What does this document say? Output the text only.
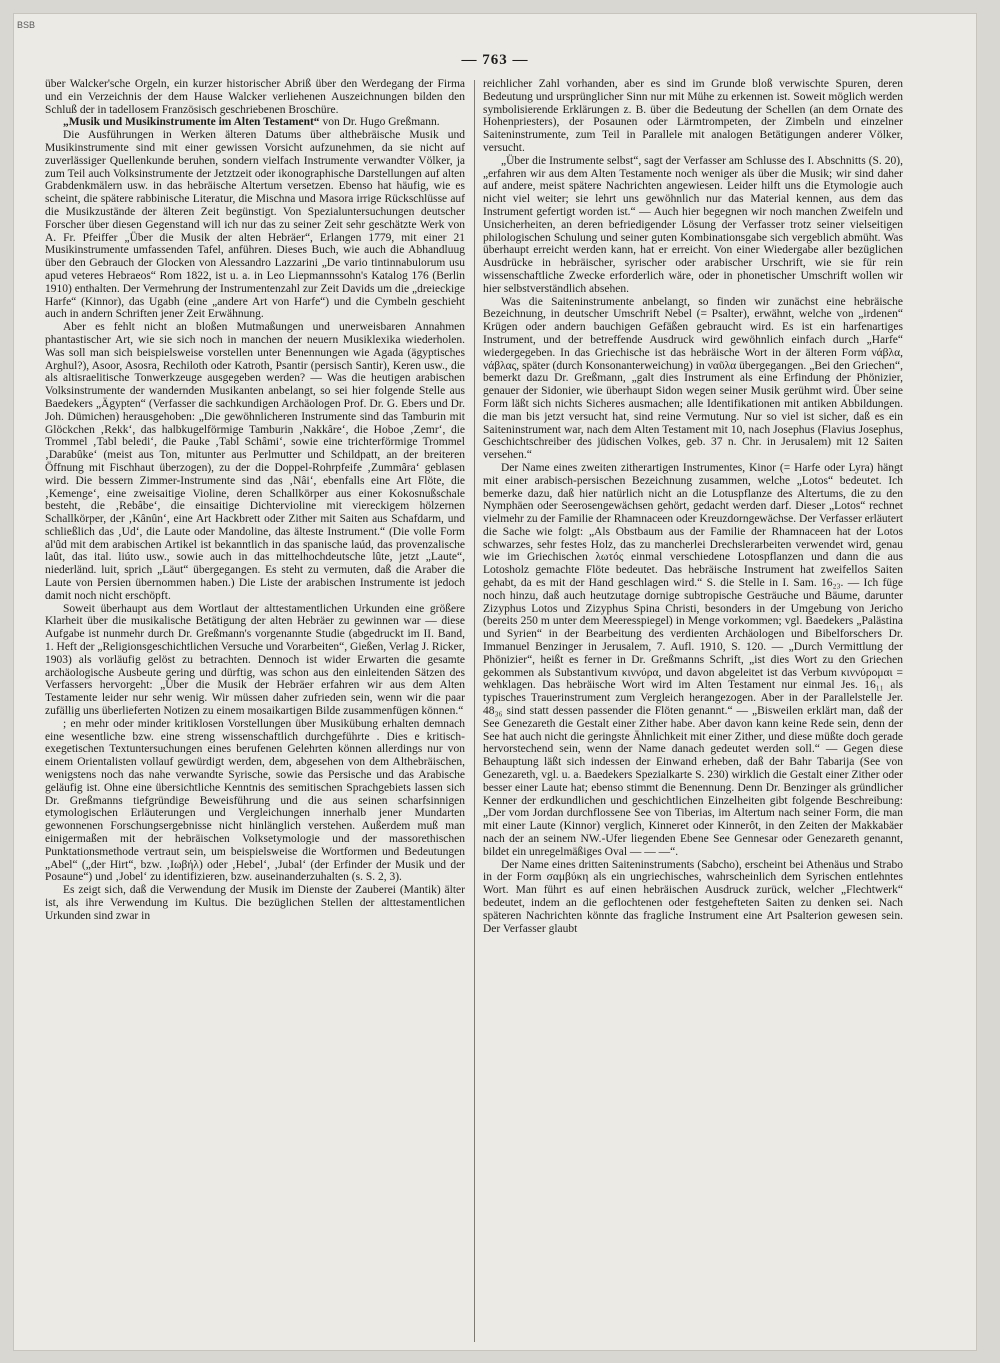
BSB
— 763 —

über Walcker'sche Orgeln, ein kurzer historischer Abriß über den Werdegang der Firma und ein Verzeichnis der dem Hause Walcker verliehenen Auszeichnungen bilden den Schluß der in tadellosem Französisch geschriebenen Broschüre.

„Musik und Musikinstrumente im Alten Testament“ von Dr. Hugo Greßmann.

Die Ausführungen in Werken älteren Datums über althebräische Musik und Musikinstrumente sind mit einer gewissen Vorsicht aufzunehmen, da sie nicht auf zuverlässiger Quellenkunde beruhen, sondern vielfach Instrumente verwandter Völker, ja zum Teil auch Volksinstrumente der Jetztzeit oder ikonographische Darstellungen auf alten Grabdenkmälern usw. in das hebräische Altertum versetzen. Ebenso hat häufig, wie es scheint, die spätere rabbinische Literatur, die Mischna und Masora irrige Rückschlüsse auf die Musikzustände der älteren Zeit begünstigt. Von Spezialuntersuchungen deutscher Forscher über diesen Gegenstand will ich nur das zu seiner Zeit sehr geschätzte Werk von A. Fr. Pfeiffer „Über die Musik der alten Hebräer“, Erlangen 1779, mit einer 21 Musikinstrumente umfassenden Tafel, anführen. Dieses Buch, wie auch die Abhandluug über den Gebrauch der Glocken von Alessandro Lazzarini „De vario tintinnabulorum usu apud veteres Hebraeos“ Rom 1822, ist u. a. in Leo Liepmannssohn's Katalog 176 (Berlin 1910) enthalten. Der Vermehrung der Instrumentenzahl zur Zeit Davids um die „dreieckige Harfe“ (Kinnor), das Ugabh (eine „andere Art von Harfe“) und die Cymbeln geschieht auch in andern Schriften jener Zeit Erwähnung.

Aber es fehlt nicht an bloßen Mutmaßungen und unerweisbaren Annahmen phantastischer Art, wie sie sich noch in manchen der neuern Musiklexika wiederholen. Was soll man sich beispielsweise vorstellen unter Benennungen wie Agada (ägyptisches Arghul?), Asoor, Asosra, Rechiloth oder Katroth, Psantir (persisch Santir), Keren usw., die als altisraelitische Tonwerkzeuge ausgegeben werden? — Was die heutigen arabischen Volksinstrumente der wandernden Musikanten anbelangt, so sei hier folgende Stelle aus Baedekers „Ägypten“ (Verfasser die sachkundigen Archäologen Prof. Dr. G. Ebers und Dr. Joh. Dümichen) herausgehoben: „Die gewöhnlicheren Instrumente sind das Tamburin mit Glöckchen ‚Rekk‘, das halbkugelförmige Tamburin ‚Nakkâre‘, die Hoboe ‚Zemr‘, die Trommel ‚Tabl beledi‘, die Pauke ‚Tabl Schâmi‘, sowie eine trichterförmige Trommel ‚Darabûke‘ (meist aus Ton, mitunter aus Perlmutter und Schildpatt, an der breiteren Öffnung mit Fischhaut überzogen), zu der die Doppel-Rohrpfeife ‚Zummâra‘ geblasen wird. Die bessern Zimmer-Instrumente sind das ‚Nâi‘, ebenfalls eine Art Flöte, die ‚Kemenge‘, eine zweisaitige Violine, deren Schallkörper aus einer Kokosnußschale besteht, die ‚Rebâbe‘, die einsaitige Dichtervioline mit viereckigem hölzernen Schallkörper, der ‚Kânûn‘, eine Art Hackbrett oder Zither mit Saiten aus Schafdarm, und schließlich das ‚Ud‘, die Laute oder Mandoline, das älteste Instrument.“ (Die volle Form al'ûd mit dem arabischen Artikel ist bekanntlich in das spanische laúd, das provenzalische laût, das ital. liúto usw., sowie auch in das mittelhochdeutsche lûte, jetzt „Laute“, niederländ. luit, sprich „Läut“ übergegangen. Es steht zu vermuten, daß die Araber die Laute von Persien übernommen haben.) Die Liste der arabischen Instrumente ist jedoch damit noch nicht erschöpft.

Soweit überhaupt aus dem Wortlaut der alttestamentlichen Urkunden eine größere Klarheit über die musikalische Betätigung der alten Hebräer zu gewinnen war — diese Aufgabe ist nunmehr durch Dr. Greßmann's vorgenannte Studie (abgedruckt im II. Band, 1. Heft der „Religionsgeschichtlichen Versuche und Vorarbeiten“, Gießen, Verlag J. Ricker, 1903) als vorläufig gelöst zu betrachten. Dennoch ist wider Erwarten die gesamte archäologische Ausbeute gering und dürftig, was schon aus den einleitenden Sätzen des Verfassers hervorgeht: „Über die Musik der Hebräer erfahren wir aus dem Alten Testamente leider nur sehr wenig. Wir müssen daher zufrieden sein, wenn wir die paar zufällig uns überlieferten Notizen zu einem mosaikartigen Bilde zusammenfügen können.“

; en mehr oder minder kritiklosen Vorstellungen über Musikübung erhalten demnach eine wesentliche bzw. eine streng wissenschaftlich durchgeführte . Dies e kritisch-exegetischen Textuntersuchungen eines berufenen Gelehrten können allerdings nur von einem Orientalisten vollauf gewürdigt werden, dem, abgesehen von dem Althebräischen, wenigstens noch das nahe verwandte Syrische, sowie das Persische und das Arabische geläufig ist. Ohne eine übersichtliche Kenntnis des semitischen Sprachgebiets lassen sich Dr. Greßmanns tiefgründige Beweisführung und die aus seinen scharfsinnigen etymologischen Erläuterungen und Vergleichungen innerhalb jener Mundarten gewonnenen Forschungsergebnisse nicht hinlänglich verstehen. Außerdem muß man einigermaßen mit der hebräischen Volksetymologie und der massorethischen Punktationsmethode vertraut sein, um beispielsweise die Wortformen und Bedeutungen „Abel“ („der Hirt“, bzw. ‚Iωβήλ) oder ‚Hebel‘, ‚Jubal‘ (der Erfinder der Musik und der Posaune“) und ‚Jobel‘ zu identifizieren, bzw. auseinanderzuhalten (s. S. 2, 3).

Es zeigt sich, daß die Verwendung der Musik im Dienste der Zauberei (Mantik) älter ist, als ihre Verwendung im Kultus. Die bezüglichen Stellen der alttestamentlichen Urkunden sind zwar in

reichlicher Zahl vorhanden, aber es sind im Grunde bloß verwischte Spuren, deren Bedeutung und ursprünglicher Sinn nur mit Mühe zu erkennen ist. Soweit möglich werden symbolisierende Erklärungen z. B. über die Bedeutung der Schellen (an dem Ornate des Hohenpriesters), der Posaunen oder Lärmtrompeten, der Zimbeln und einzelner Saiteninstrumente, zum Teil in Parallele mit analogen Betätigungen anderer Völker, versucht.

„Über die Instrumente selbst“, sagt der Verfasser am Schlusse des I. Abschnitts (S. 20), „erfahren wir aus dem Alten Testamente noch weniger als über die Musik; wir sind daher auf andere, meist spätere Nachrichten angewiesen. Leider hilft uns die Etymologie auch nicht viel weiter; sie lehrt uns gewöhnlich nur das Material kennen, aus dem das Instrument gefertigt worden ist.“ — Auch hier begegnen wir noch manchen Zweifeln und Unsicherheiten, an deren befriedigender Lösung der Verfasser trotz seiner vielseitigen philologischen Schulung und seiner guten Kombinationsgabe sich vergeblich abmüht. Was überhaupt erreicht werden kann, hat er erreicht. Von einer Wiedergabe aller bezüglichen Ausdrücke in hebräischer, syrischer oder arabischer Urschrift, wie sie für rein wissenschaftliche Zwecke erforderlich wäre, oder in phonetischer Umschrift wollen wir hier selbstverständlich absehen.

Was die Saiteninstrumente anbelangt, so finden wir zunächst eine hebräische Bezeichnung, in deutscher Umschrift Nebel (= Psalter), erwähnt, welche von „irdenen“ Krügen oder andern bauchigen Gefäßen gebraucht wird. Es ist ein harfenartiges Instrument, und der betreffende Ausdruck wird gewöhnlich einfach durch „Harfe“ wiedergegeben. In das Griechische ist das hebräische Wort in der älteren Form νάβλα, νάβλας, später (durch Konsonanterweichung) in ναῦλα übergegangen. „Bei den Griechen“, bemerkt dazu Dr. Greßmann, „galt dies Instrument als eine Erfindung der Phönizier, genauer der Sidonier, wie überhaupt Sidon wegen seiner Musik gerühmt wird. Über seine Form läßt sich nichts Sicheres ausmachen; alle Identifikationen mit antiken Abbildungen. die man bis jetzt versucht hat, sind reine Vermutung. Nur so viel ist sicher, daß es ein Saiteninstrument war, nach dem Alten Testament mit 10, nach Josephus (Flavius Josephus, Geschichtschreiber des jüdischen Volkes, geb. 37 n. Chr. in Jerusalem) mit 12 Saiten versehen.“

Der Name eines zweiten zitherartigen Instrumentes, Kinor (= Harfe oder Lyra) hängt mit einer arabisch-persischen Bezeichnung zusammen, welche „Lotos“ bedeutet. Ich bemerke dazu, daß hier natürlich nicht an die Lotuspflanze des Altertums, die zu den Nymphäen oder Seerosengewächsen gehört, gedacht werden darf. Dieser „Lotos“ rechnet vielmehr zu der Familie der Rhamnaceen oder Kreuzdorngewächse. Der Verfasser erläutert die Sache wie folgt: „Als Obstbaum aus der Familie der Rhamnaceen hat der Lotos schwarzes, sehr festes Holz, das zu mancherlei Drechslerarbeiten verwendet wird, genau wie im Griechischen λωτός einmal verschiedene Lotospflanzen und dann die aus Lotosholz gemachte Flöte bedeutet. Das hebräische Instrument hat zweifellos Saiten gehabt, da es mit der Hand geschlagen wird.“ S. die Stelle in I. Sam. 16₂₃. — Ich füge noch hinzu, daß auch heutzutage dornige subtropische Gesträuche und Bäume, darunter Zizyphus Lotos und Zizyphus Spina Christi, besonders in der Umgebung von Jericho (bereits 250 m unter dem Meeresspiegel) in Menge vorkommen; vgl. Baedekers „Palästina und Syrien“ in der Bearbeitung des verdienten Archäologen und Bibelforschers Dr. Immanuel Benzinger in Jerusalem, 7. Aufl. 1910, S. 120. — „Durch Vermittlung der Phönizier“, heißt es ferner in Dr. Greßmanns Schrift, „ist dies Wort zu den Griechen gekommen als Substantivum κιννύρα, und davon abgeleitet ist das Verbum κιννύρομαι = wehklagen. Das hebräische Wort wird im Alten Testament nur einmal Jes. 16₁₁ als typisches Trauerinstrument zum Vergleich herangezogen. Aber in der Parallelstelle Jer. 48₃₆ sind statt dessen passender die Flöten genannt.“ — „Bisweilen erklärt man, daß der See Genezareth die Gestalt einer Zither habe. Aber davon kann keine Rede sein, denn der See hat auch nicht die geringste Ähnlichkeit mit einer Zither, und diese müßte doch gerade hervorstechend sein, wenn der Name danach gedeutet werden soll.“ — Gegen diese Behauptung läßt sich indessen der Einwand erheben, daß der Bahr Tabarija (See von Genezareth, vgl. u. a. Baedekers Spezialkarte S. 230) wirklich die Gestalt einer Zither oder besser einer Laute hat; ebenso stimmt die Benennung. Denn Dr. Benzinger als gründlicher Kenner der erdkundlichen und geschichtlichen Einzelheiten gibt folgende Beschreibung: „Der vom Jordan durchflossene See von Tiberias, im Altertum nach seiner Form, die man mit einer Laute (Kinnor) verglich, Kinneret oder Kinnerôt, in den Zeiten der Makkabäer nach der an seinem NW.-Ufer liegenden Ebene See Gennesar oder Genezareth genannt, bildet ein unregelmäßiges Oval — — —“.

Der Name eines dritten Saiteninstruments (Sabcho), erscheint bei Athenäus und Strabo in der Form σαμβύκη als ein ungriechisches, wahrscheinlich dem Syrischen entlehntes Wort. Man führt es auf einen hebräischen Ausdruck zurück, welcher „Flechtwerk“ bedeutet, indem an die geflochtenen oder festgehefteten Saiten zu denken sei. Nach späteren Nachrichten könnte das fragliche Instrument eine Art Psalterion gewesen sein. Der Verfasser glaubt
